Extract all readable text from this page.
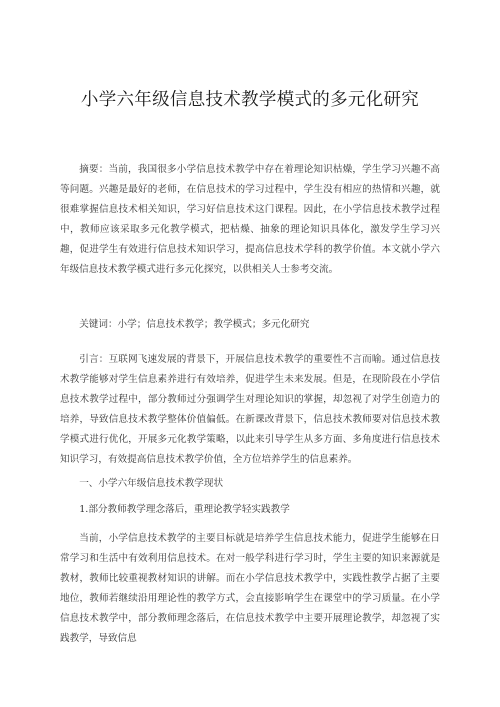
小学六年级信息技术教学模式的多元化研究
摘要：当前，我国很多小学信息技术教学中存在着理论知识枯燥，学生学习兴趣不高等问题。兴趣是最好的老师，在信息技术的学习过程中，学生没有相应的热情和兴趣，就很难掌握信息技术相关知识，学习好信息技术这门课程。因此，在小学信息技术教学过程中，教师应该采取多元化教学模式，把枯燥、抽象的理论知识具体化，激发学生学习兴趣，促进学生有效进行信息技术知识学习，提高信息技术学科的教学价值。本文就小学六年级信息技术教学模式进行多元化探究，以供相关人士参考交流。
关键词：小学；信息技术教学；教学模式；多元化研究
引言：互联网飞速发展的背景下，开展信息技术教学的重要性不言而喻。通过信息技术教学能够对学生信息素养进行有效培养，促进学生未来发展。但是，在现阶段在小学信息技术教学过程中，部分教师过分强调学生对理论知识的掌握，却忽视了对学生创造力的培养，导致信息技术教学整体价值偏低。在新课改背景下，信息技术教师要对信息技术教学模式进行优化，开展多元化教学策略，以此来引导学生从多方面、多角度进行信息技术知识学习，有效提高信息技术教学价值，全方位培养学生的信息素养。
一、小学六年级信息技术教学现状
1.部分教师教学理念落后，重理论教学轻实践教学
当前，小学信息技术教学的主要目标就是培养学生信息技术能力，促进学生能够在日常学习和生活中有效利用信息技术。在对一般学科进行学习时，学生主要的知识来源就是教材，教师比较重视教材知识的讲解。而在小学信息技术教学中，实践性教学占据了主要地位，教师若继续沿用理论性的教学方式，会直接影响学生在课堂中的学习质量。在小学信息技术教学中，部分教师理念落后，在信息技术教学中主要开展理论教学，却忽视了实践教学，导致信息
